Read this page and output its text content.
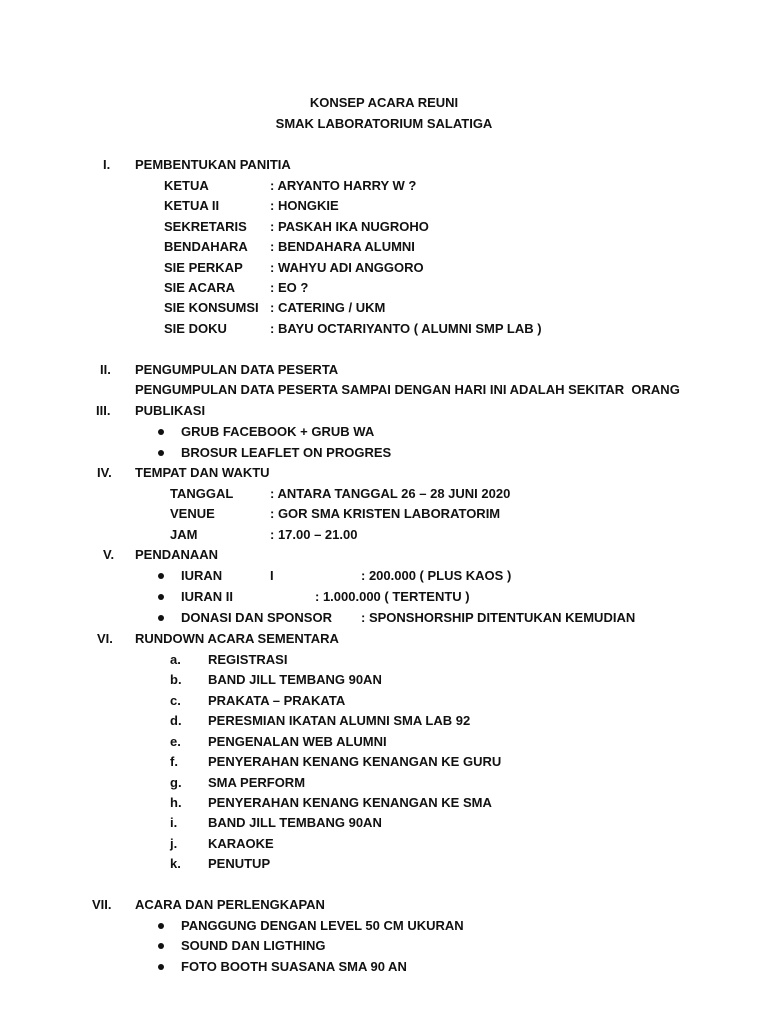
KONSEP ACARA REUNI
SMAK LABORATORIUM SALATIGA
I. PEMBENTUKAN PANITIA
KETUA	: ARYANTO HARRY W ?
KETUA II	: HONGKIE
SEKRETARIS : PASKAH IKA NUGROHO
BENDAHARA : BENDAHARA ALUMNI
SIE PERKAP : WAHYU ADI ANGGORO
SIE ACARA	: EO ?
SIE KONSUMSI : CATERING / UKM
SIE DOKU	: BAYU OCTARIYANTO ( ALUMNI SMP LAB )
II. PENGUMPULAN DATA PESERTA
PENGUMPULAN DATA PESERTA SAMPAI DENGAN HARI INI ADALAH SEKITAR  ORANG
III. PUBLIKASI
GRUB FACEBOOK + GRUB WA
BROSUR LEAFLET ON PROGRES
IV. TEMPAT DAN WAKTU
TANGGAL	: ANTARA TANGGAL 26 – 28 JUNI 2020
VENUE	: GOR SMA KRISTEN LABORATORIM
JAM	: 17.00 – 21.00
V. PENDANAAN
IURAN	I	: 200.000 ( PLUS KAOS )
IURAN II	: 1.000.000 ( TERTENTU )
DONASI DAN SPONSOR : SPONSHORSHIP DITENTUKAN KEMUDIAN
VI. RUNDOWN ACARA SEMENTARA
a. REGISTRASI
b. BAND JILL TEMBANG 90AN
c. PRAKATA – PRAKATA
d. PERESMIAN IKATAN ALUMNI SMA LAB 92
e. PENGENALAN WEB ALUMNI
f. PENYERAHAN KENANG KENANGAN KE GURU
g. SMA PERFORM
h. PENYERAHAN KENANG KENANGAN KE SMA
i. BAND JILL TEMBANG 90AN
j. KARAOKE
k. PENUTUP
VII. ACARA DAN PERLENGKAPAN
PANGGUNG DENGAN LEVEL 50 CM UKURAN
SOUND DAN LIGTHING
FOTO BOOTH SUASANA SMA 90 AN
